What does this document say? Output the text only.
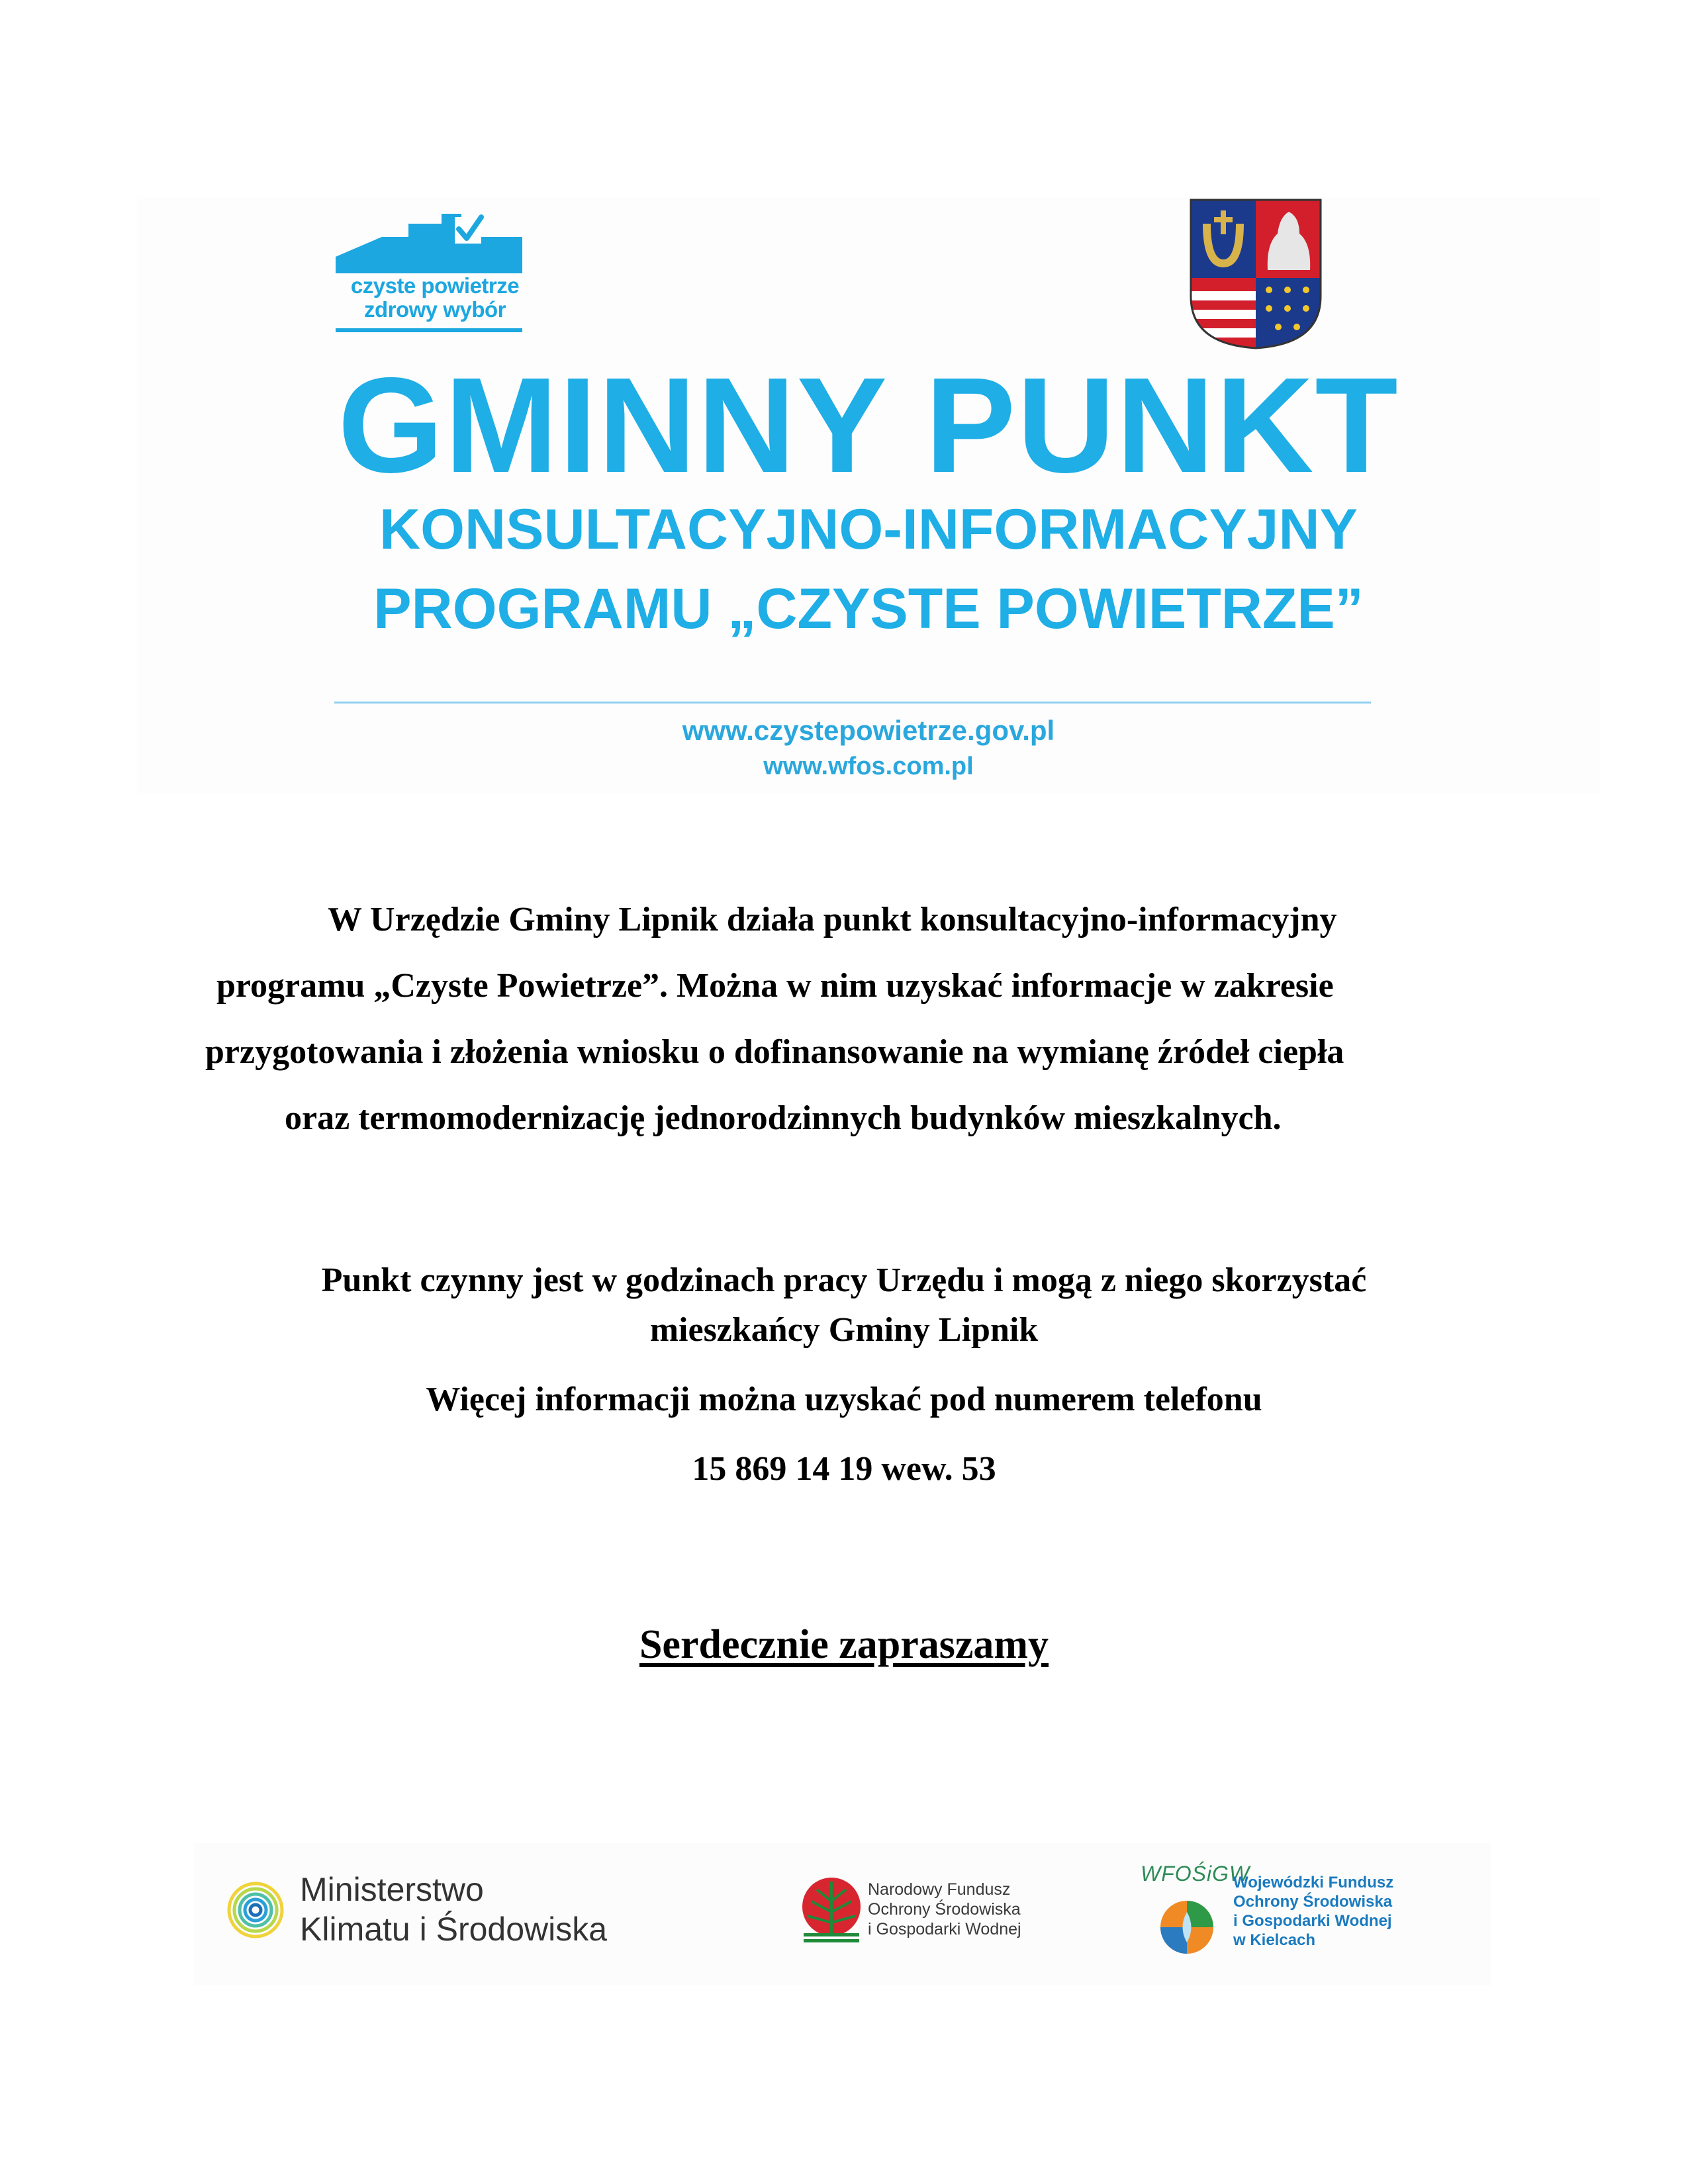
czyste powietrze
zdrowy wybór
GMINNY PUNKT
KONSULTACYJNO-INFORMACYJNY
PROGRAMU „CZYSTE POWIETRZE”
www.czystepowietrze.gov.pl
www.wfos.com.pl
W Urzędzie Gminy Lipnik działa punkt konsultacyjno-informacyjny
programu „Czyste Powietrze”. Można w nim uzyskać informacje w zakresie
przygotowania i złożenia wniosku o dofinansowanie na wymianę źródeł ciepła
oraz termomodernizację jednorodzinnych budynków mieszkalnych.
Punkt czynny jest w godzinach pracy Urzędu i mogą z niego skorzystać
mieszkańcy Gminy Lipnik
Więcej informacji można uzyskać pod numerem telefonu
15 869 14 19 wew. 53
Serdecznie zapraszamy
Ministerstwo
Klimatu i Środowiska
Narodowy Fundusz
Ochrony Środowiska
i Gospodarki Wodnej
WFOŚiGW
Wojewódzki Fundusz
Ochrony Środowiska
i Gospodarki Wodnej
w Kielcach
